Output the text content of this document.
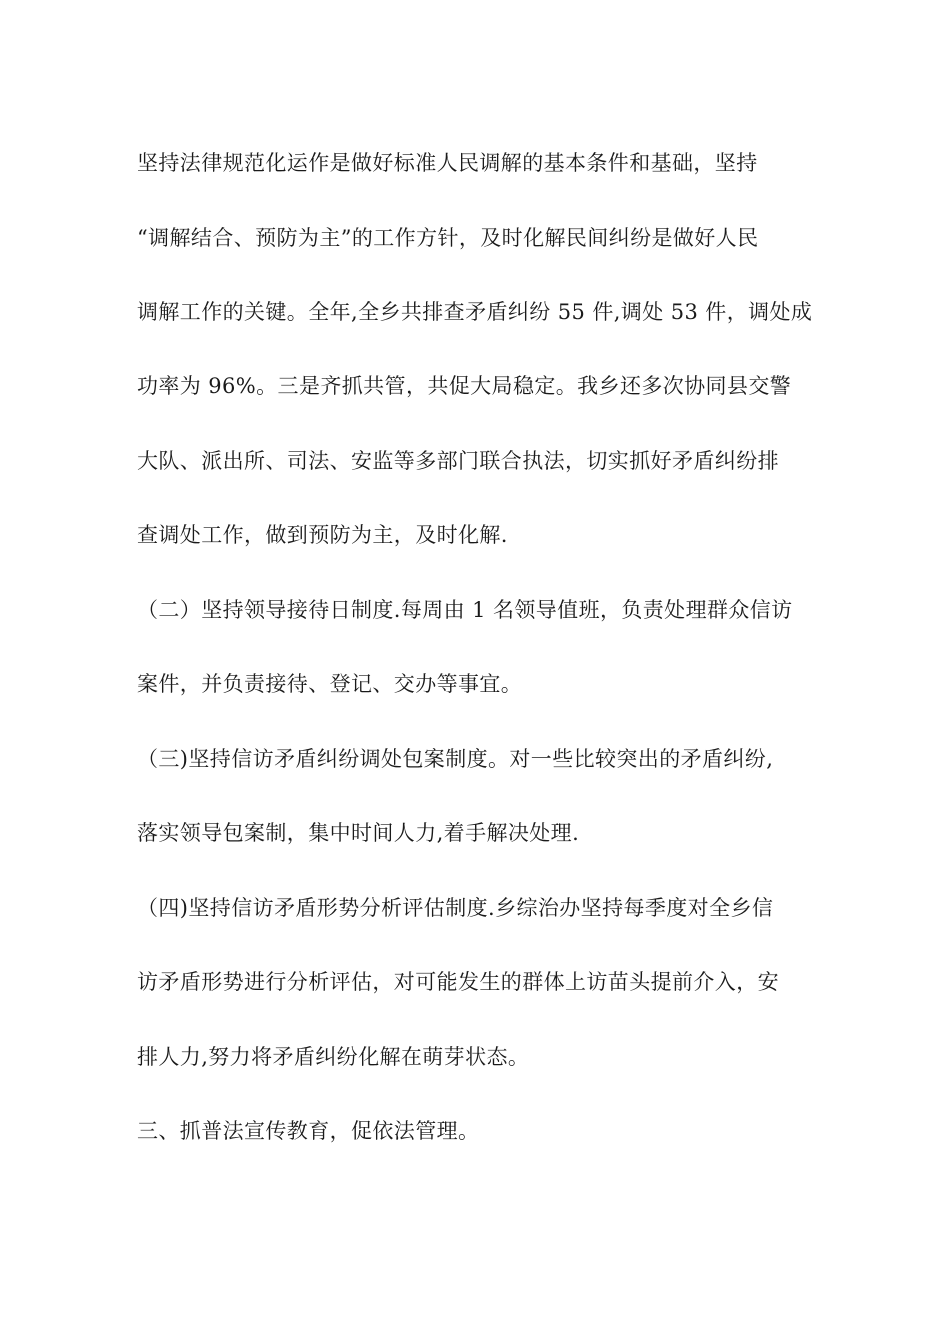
坚持法律规范化运作是做好标准人民调解的基本条件和基础，坚持
“调解结合、预防为主”的工作方针，及时化解民间纠纷是做好人民
调解工作的关键。全年,全乡共排查矛盾纠纷 55 件,调处 53 件，调处成
功率为 96%。三是齐抓共管，共促大局稳定。我乡还多次协同县交警
大队、派出所、司法、安监等多部门联合执法，切实抓好矛盾纠纷排
查调处工作，做到预防为主，及时化解.
（二）坚持领导接待日制度.每周由 1 名领导值班，负责处理群众信访
案件，并负责接待、登记、交办等事宜。
（三)坚持信访矛盾纠纷调处包案制度。对一些比较突出的矛盾纠纷,
落实领导包案制，集中时间人力,着手解决处理.
（四)坚持信访矛盾形势分析评估制度.乡综治办坚持每季度对全乡信
访矛盾形势进行分析评估，对可能发生的群体上访苗头提前介入，安
排人力,努力将矛盾纠纷化解在萌芽状态。
三、抓普法宣传教育，促依法管理。
